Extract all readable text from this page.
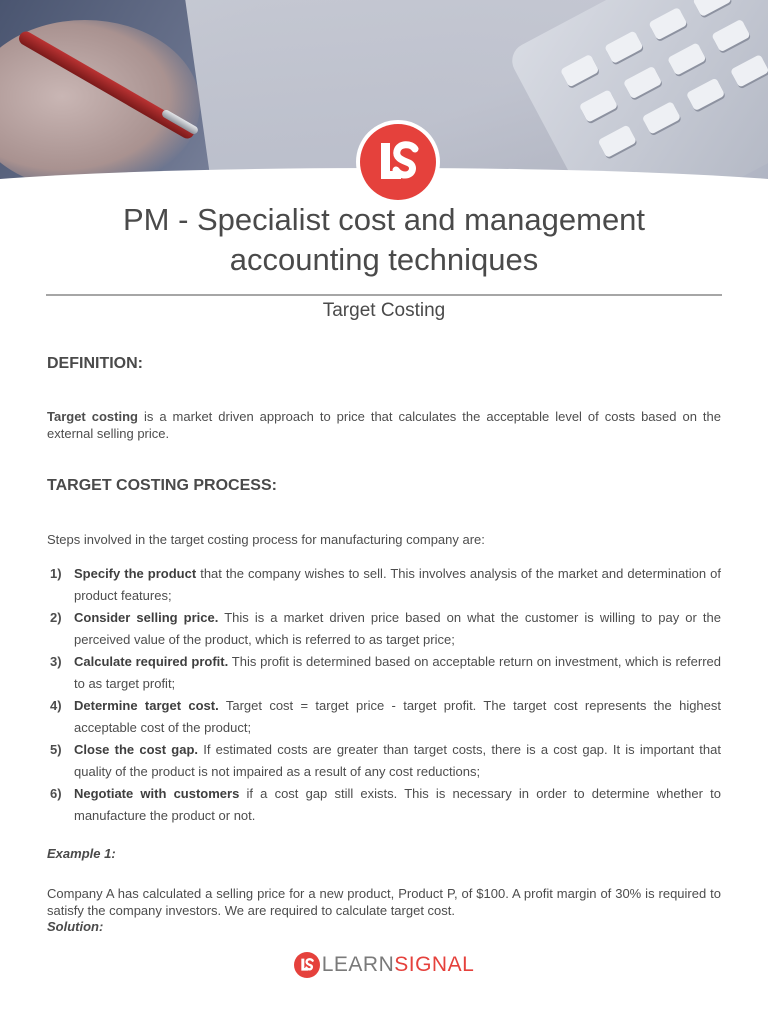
PM - Specialist cost and management
accounting techniques
Target Costing
DEFINITION:
Target costing is a market driven approach to price that calculates the acceptable level of costs based on the external selling price.
TARGET COSTING PROCESS:
Steps involved in the target costing process for manufacturing company are:
1) Specify the product that the company wishes to sell. This involves analysis of the market and determination of product features;
2) Consider selling price. This is a market driven price based on what the customer is willing to pay or the perceived value of the product, which is referred to as target price;
3) Calculate required profit. This profit is determined based on acceptable return on investment, which is referred to as target profit;
4) Determine target cost. Target cost = target price - target profit. The target cost represents the highest acceptable cost of the product;
5) Close the cost gap. If estimated costs are greater than target costs, there is a cost gap. It is important that quality of the product is not impaired as a result of any cost reductions;
6) Negotiate with customers if a cost gap still exists. This is necessary in order to determine whether to manufacture the product or not.
Example 1:
Company A has calculated a selling price for a new product, Product P, of $100. A profit margin of 30% is required to satisfy the company investors. We are required to calculate target cost.
Solution:
LEARN SIGNAL
